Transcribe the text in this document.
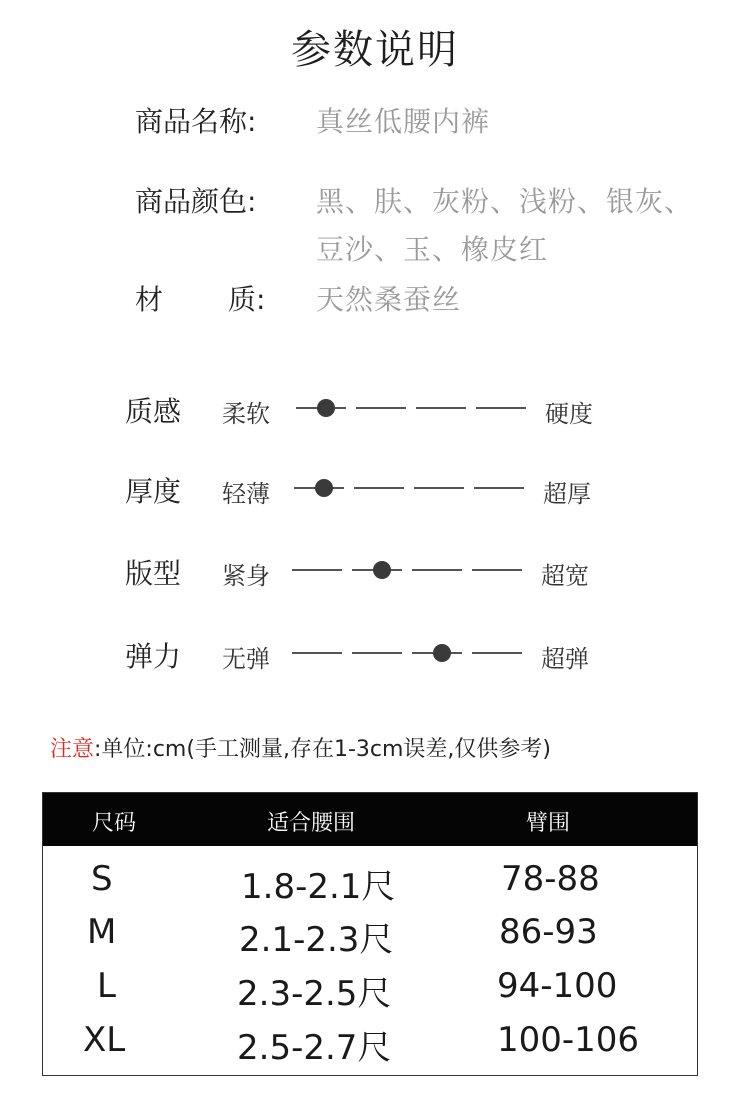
参数说明
商品名称: 真丝低腰内裤
商品颜色: 黑、肤、灰粉、浅粉、银灰、
豆沙、玉、橡皮红
材 质: 天然桑蚕丝
质感 柔软	硬度
厚度 轻薄	超厚
版型 紧身	超宽
弹力 无弹	超弹
注意:单位:cm(手工测量,存在1-3cm误差,仅供参考)
尺码	适合腰围	臂围
S	1.8-2.1尺	78-88
M	2.1-2.3尺	86-93
L	2.3-2.5尺	94-100
XL	2.5-2.7尺	100-106
